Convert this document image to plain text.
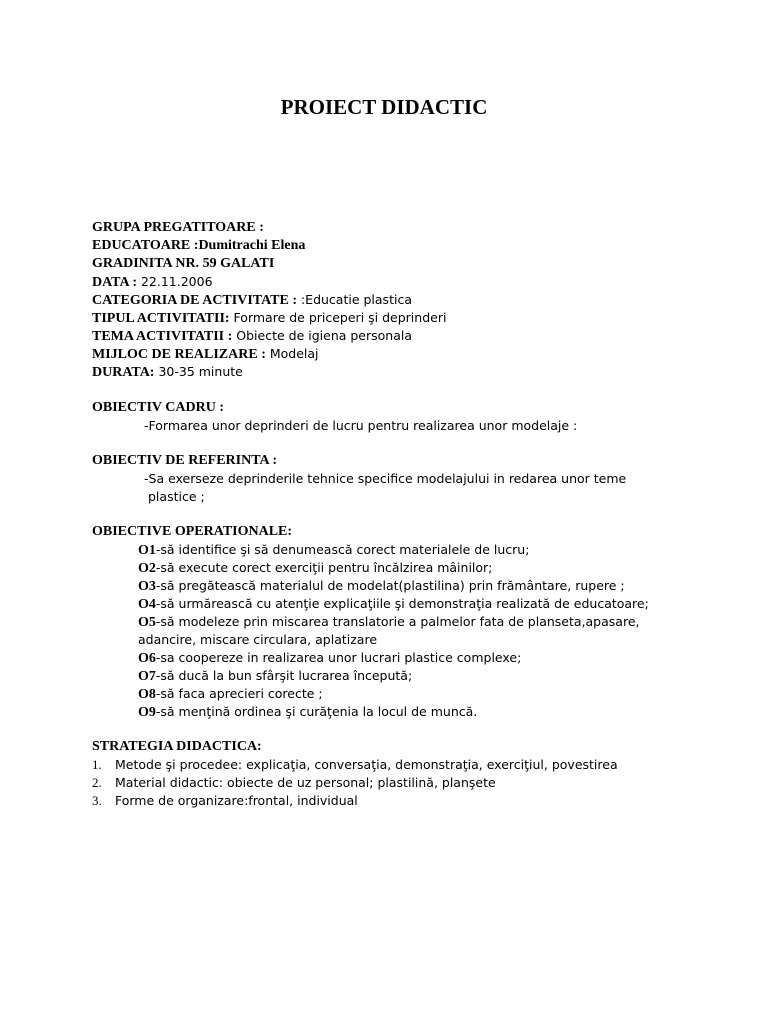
PROIECT DIDACTIC
GRUPA PREGATITOARE :
EDUCATOARE :Dumitrachi Elena
GRADINITA NR. 59 GALATI
DATA : 22.11.2006
CATEGORIA DE ACTIVITATE : :Educatie plastica
TIPUL ACTIVITATII: Formare de priceperi şi deprinderi
TEMA ACTIVITATII : Obiecte de igiena personala
MIJLOC DE REALIZARE : Modelaj
DURATA: 30-35 minute
OBIECTIV CADRU :
-Formarea unor deprinderi de lucru pentru realizarea unor modelaje :
OBIECTIV DE REFERINTA :
-Sa exerseze deprinderile tehnice specifice modelajului in redarea unor teme
plastice ;
OBIECTIVE OPERATIONALE:
O1-să identifice şi să denumească corect materialele de lucru;
O2-să execute corect exerciţii pentru încălzirea mâinilor;
O3-să pregătească materialul de modelat(plastilina) prin frământare, rupere ;
O4-să urmărească cu atenţie explicaţiile şi demonstraţia realizată de educatoare;
O5-să modeleze prin miscarea translatorie a palmelor fata de planseta,apasare,
adancire, miscare circulara, aplatizare
O6-sa coopereze in realizarea unor lucrari plastice complexe;
O7-să ducă la bun sfârşit lucrarea începută;
O8-să faca aprecieri corecte ;
O9-să menţină ordinea şi curăţenia la locul de muncă.
STRATEGIA DIDACTICA:
1. Metode şi procedee: explicaţia, conversaţia, demonstraţia, exerciţiul, povestirea
2. Material didactic: obiecte de uz personal; plastilină, planşete
3. Forme de organizare:frontal, individual
